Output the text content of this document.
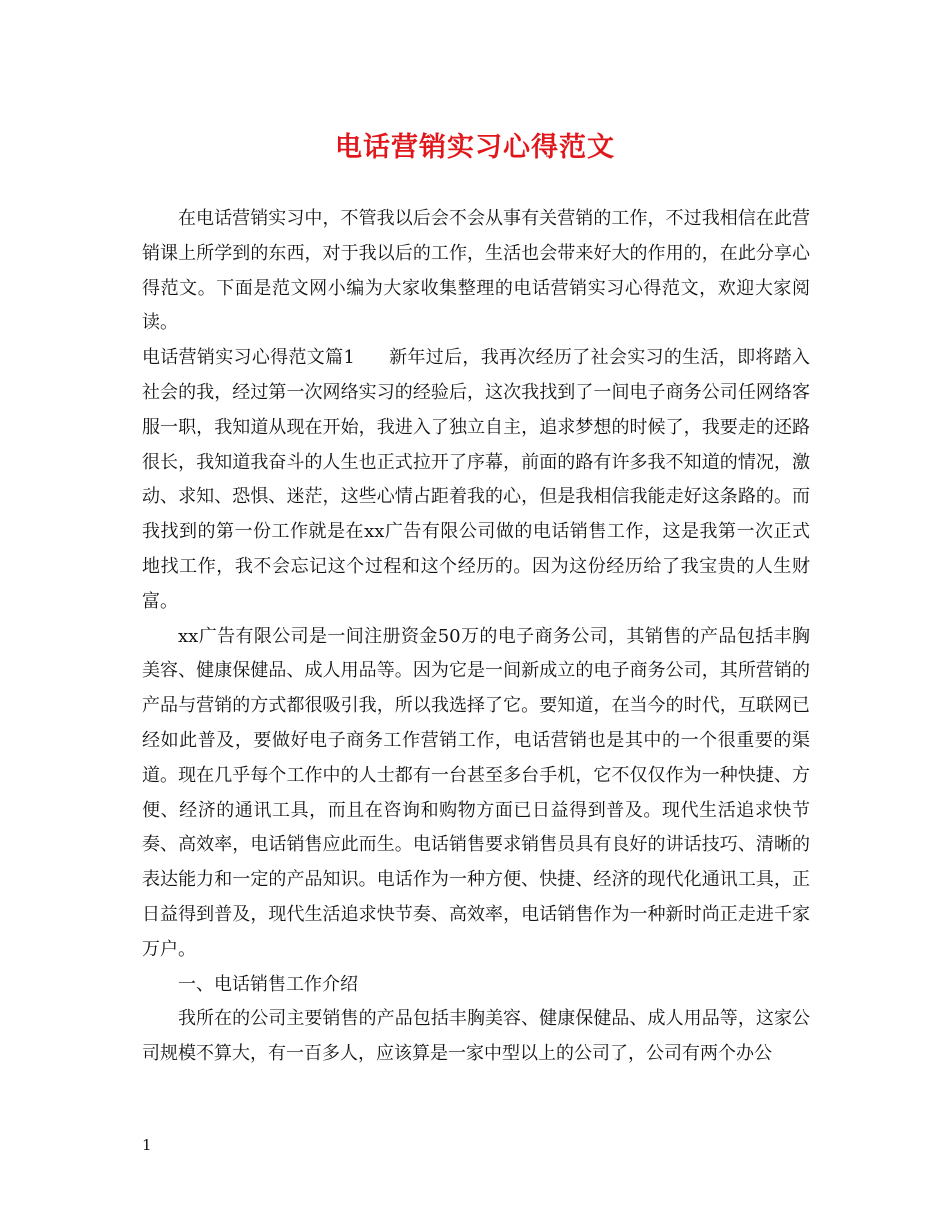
电话营销实习心得范文

在电话营销实习中，不管我以后会不会从事有关营销的工作，不过我相信在此营销课上所学到的东西，对于我以后的工作，生活也会带来好大的作用的，在此分享心得范文。下面是范文网小编为大家收集整理的电话营销实习心得范文，欢迎大家阅读。

电话营销实习心得范文篇1 新年过后，我再次经历了社会实习的生活，即将踏入社会的我，经过第一次网络实习的经验后，这次我找到了一间电子商务公司任网络客服一职，我知道从现在开始，我进入了独立自主，追求梦想的时候了，我要走的还路很长，我知道我奋斗的人生也正式拉开了序幕，前面的路有许多我不知道的情况，激动、求知、恐惧、迷茫，这些心情占距着我的心，但是我相信我能走好这条路的。而我找到的第一份工作就是在xx广告有限公司做的电话销售工作，这是我第一次正式地找工作，我不会忘记这个过程和这个经历的。因为这份经历给了我宝贵的人生财富。

xx广告有限公司是一间注册资金50万的电子商务公司，其销售的产品包括丰胸美容、健康保健品、成人用品等。因为它是一间新成立的电子商务公司，其所营销的产品与营销的方式都很吸引我，所以我选择了它。要知道，在当今的时代，互联网已经如此普及，要做好电子商务工作营销工作，电话营销也是其中的一个很重要的渠道。现在几乎每个工作中的人士都有一台甚至多台手机，它不仅仅作为一种快捷、方便、经济的通讯工具，而且在咨询和购物方面已日益得到普及。现代生活追求快节奏、高效率，电话销售应此而生。电话销售要求销售员具有良好的讲话技巧、清晰的表达能力和一定的产品知识。电话作为一种方便、快捷、经济的现代化通讯工具，正日益得到普及，现代生活追求快节奏、高效率，电话销售作为一种新时尚正走进千家万户。

一、电话销售工作介绍

我所在的公司主要销售的产品包括丰胸美容、健康保健品、成人用品等，这家公司规模不算大，有一百多人，应该算是一家中型以上的公司了，公司有两个办公

1
